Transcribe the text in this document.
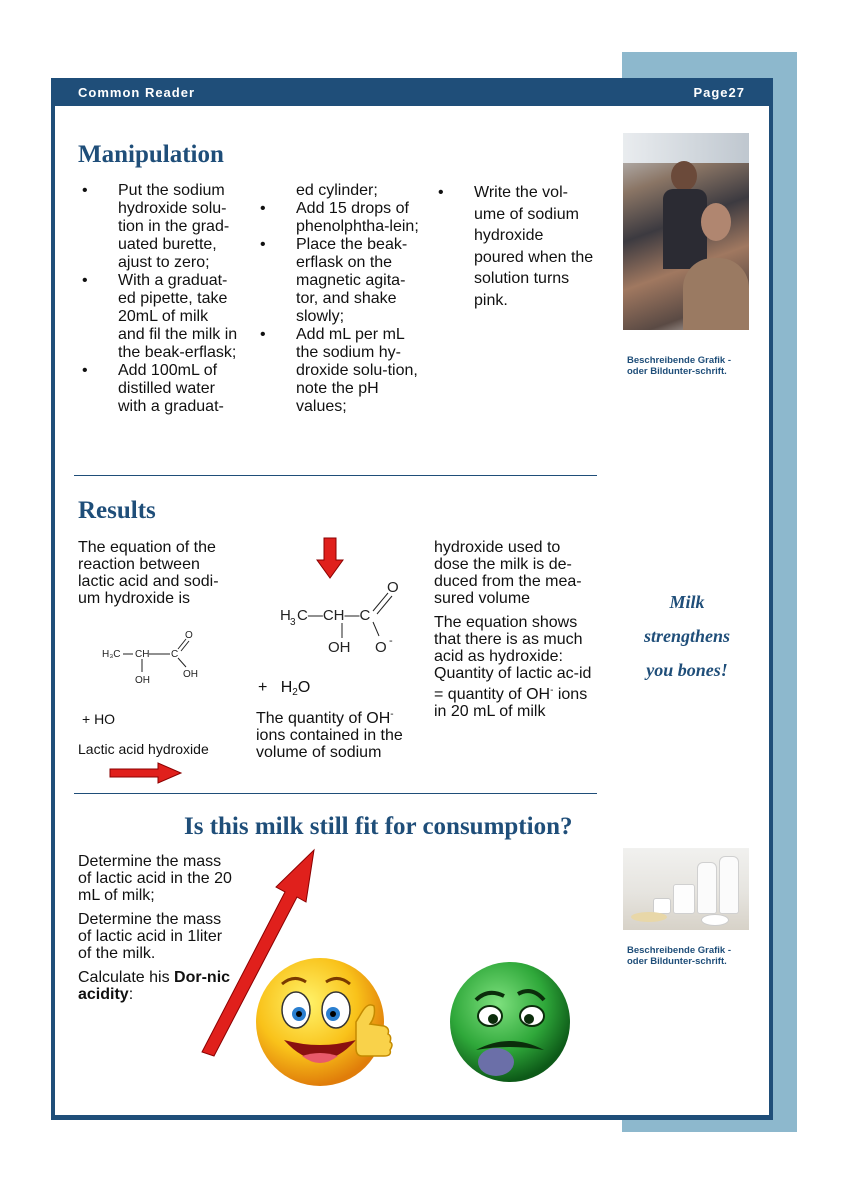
Common Reader	Page27
Manipulation
• Put the sodium hydroxide solu-tion in the grad-uated burette, ajust to zero;
• With a graduat-ed pipette, take 20mL of milk and fil the milk in the beak-erflask;
• Add 100mL of distilled water with a graduat-
ed cylinder;
• Add 15 drops of phenolphtha-lein;
• Place the beak-erflask on the magnetic agita-tor, and shake slowly;
• Add mL per mL the sodium hy-droxide solu-tion, note the pH values;
• Write the vol-ume of sodium hydroxide poured when the solution turns pink.
Results
The equation of the reaction between lactic acid and sodi-um hydroxide is
H₃C CH C
OH
O
OH
+ HO
Lactic acid hydroxide
H 3 C—CH—C
OH
O
O -
+ $H_2O$
The quantity of OH- ions contained in the volume of sodium

hydroxide used to dose the milk is de-duced from the mea-sured volume

The equation shows that there is as much acid as hydroxide: Quantity of lactic ac-id = quantity of OH- ions in 20 mL of milk

Is this milk still fit for consumption?

Determine the mass of lactic acid in the 20 mL of milk;

Determine the mass of lactic acid in 1liter of the milk.

Calculate his Dor-nic acidity:

Beschreibende Grafik - oder Bildunter-schrift.
Milk
strengthens
you bones!
Beschreibende Grafik - oder Bildunter-schrift.
